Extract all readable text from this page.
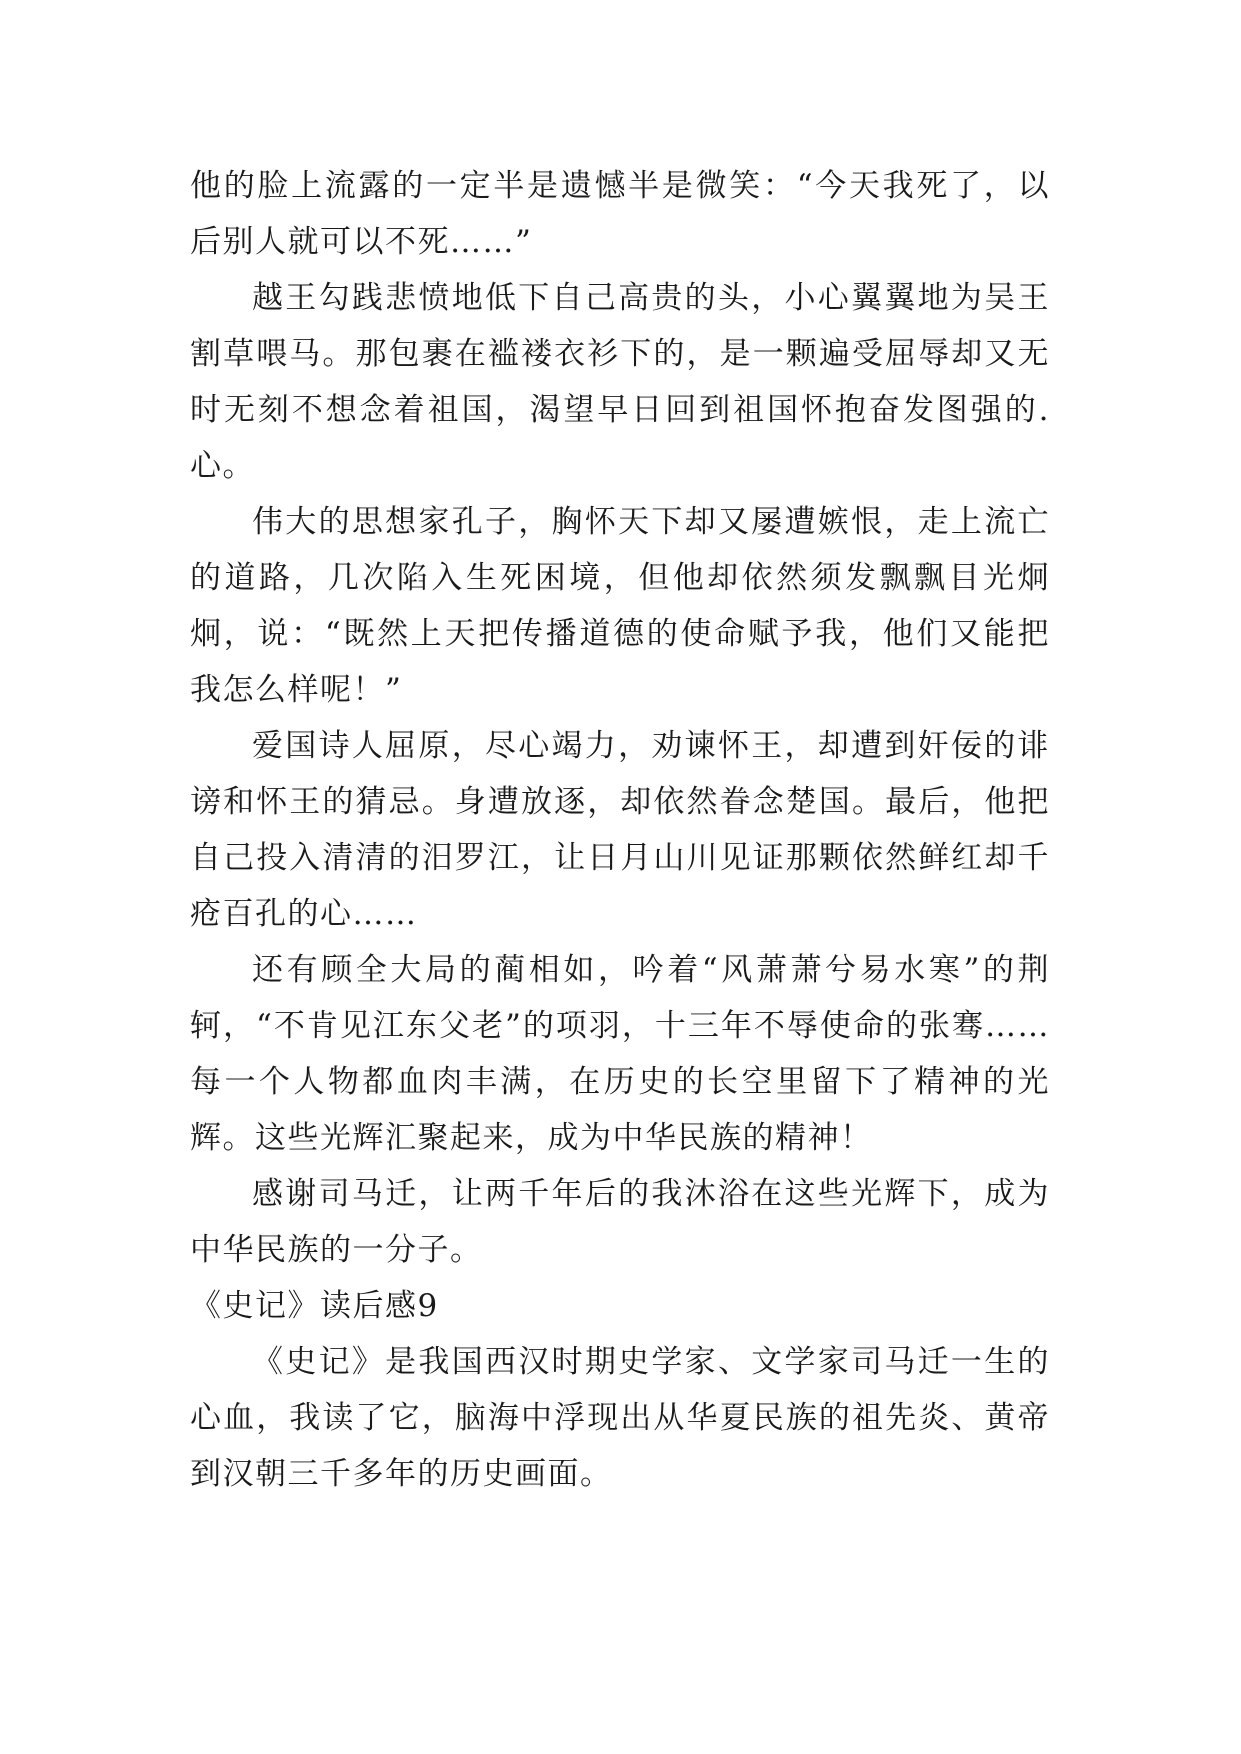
他的脸上流露的一定半是遗憾半是微笑：“今天我死了，以后别人就可以不死……”

越王勾践悲愤地低下自己高贵的头，小心翼翼地为吴王割草喂马。那包裹在褴褛衣衫下的，是一颗遍受屈辱却又无时无刻不想念着祖国，渴望早日回到祖国怀抱奋发图强的.心。

伟大的思想家孔子，胸怀天下却又屡遭嫉恨，走上流亡的道路，几次陷入生死困境，但他却依然须发飘飘目光炯炯，说：“既然上天把传播道德的使命赋予我，他们又能把我怎么样呢！”

爱国诗人屈原，尽心竭力，劝谏怀王，却遭到奸佞的诽谤和怀王的猜忌。身遭放逐，却依然眷念楚国。最后，他把自己投入清清的汨罗江，让日月山川见证那颗依然鲜红却千疮百孔的心……

还有顾全大局的蔺相如，吟着“风萧萧兮易水寒”的荆轲，“不肯见江东父老”的项羽，十三年不辱使命的张骞……每一个人物都血肉丰满，在历史的长空里留下了精神的光辉。这些光辉汇聚起来，成为中华民族的精神！

感谢司马迁，让两千年后的我沐浴在这些光辉下，成为中华民族的一分子。

《史记》读后感9

《史记》是我国西汉时期史学家、文学家司马迁一生的心血，我读了它，脑海中浮现出从华夏民族的祖先炎、黄帝到汉朝三千多年的历史画面。
